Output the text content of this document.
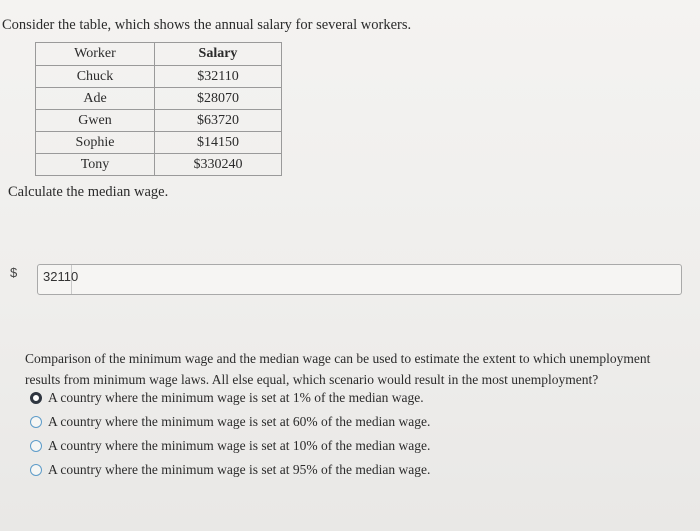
Consider the table, which shows the annual salary for several workers.
Worker	Salary
Chuck	$32110
Ade	$28070
Gwen	$63720
Sophie	$14150
Tony	$330240
Calculate the median wage.
$ 32110
Comparison of the minimum wage and the median wage can be used to estimate the extent to which unemployment results from minimum wage laws. All else equal, which scenario would result in the most unemployment?
A country where the minimum wage is set at 1% of the median wage.
A country where the minimum wage is set at 60% of the median wage.
A country where the minimum wage is set at 10% of the median wage.
A country where the minimum wage is set at 95% of the median wage.
